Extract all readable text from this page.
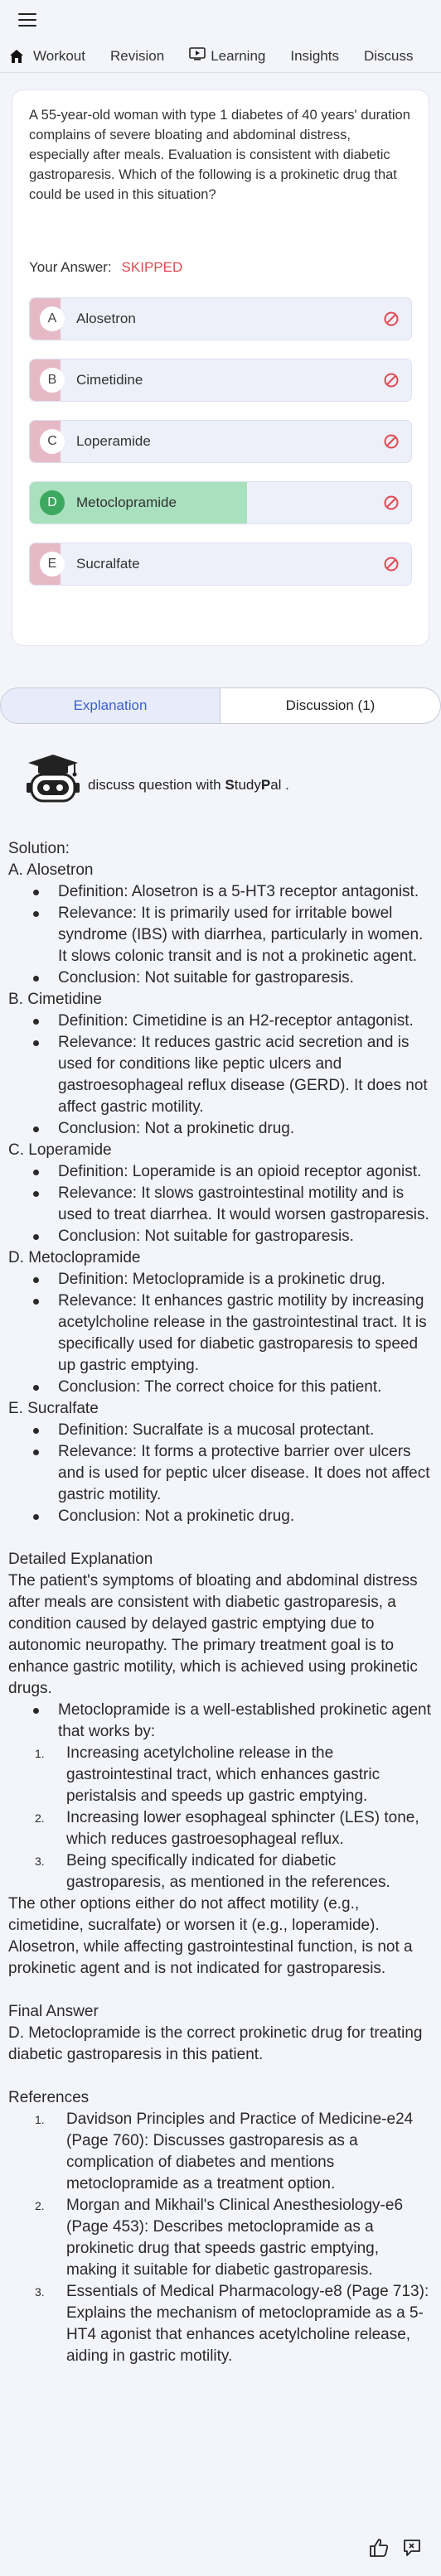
Workout Revision	Learning Insights Discuss

A 55-year-old woman with type 1 diabetes of 40 years' duration complains of severe bloating and abdominal distress, especially after meals. Evaluation is consistent with diabetic gastroparesis. Which of the following is a prokinetic drug that could be used in this situation?

Your Answer: SKIPPED
A	Alosetron
B	Cimetidine
C	Loperamide
D	Metoclopramide
E	Sucralfate
Explanation	Discussion (1)
discuss question with StudyPal .

Solution:

A. Alosetron

Definition: Alosetron is a 5-HT3 receptor antagonist.
Relevance: It is primarily used for irritable bowel syndrome (IBS) with diarrhea, particularly in women. It slows colonic transit and is not a prokinetic agent.
Conclusion: Not suitable for gastroparesis.

B. Cimetidine

Definition: Cimetidine is an H2-receptor antagonist.
Relevance: It reduces gastric acid secretion and is used for conditions like peptic ulcers and gastroesophageal reflux disease (GERD). It does not affect gastric motility.
Conclusion: Not a prokinetic drug.

C. Loperamide

Definition: Loperamide is an opioid receptor agonist.
Relevance: It slows gastrointestinal motility and is used to treat diarrhea. It would worsen gastroparesis.
Conclusion: Not suitable for gastroparesis.

D. Metoclopramide

Definition: Metoclopramide is a prokinetic drug.
Relevance: It enhances gastric motility by increasing acetylcholine release in the gastrointestinal tract. It is specifically used for diabetic gastroparesis to speed up gastric emptying.
Conclusion: The correct choice for this patient.

E. Sucralfate

Definition: Sucralfate is a mucosal protectant.
Relevance: It forms a protective barrier over ulcers and is used for peptic ulcer disease. It does not affect gastric motility.
Conclusion: Not a prokinetic drug.

Detailed Explanation

The patient's symptoms of bloating and abdominal distress after meals are consistent with diabetic gastroparesis, a condition caused by delayed gastric emptying due to autonomic neuropathy. The primary treatment goal is to enhance gastric motility, which is achieved using prokinetic drugs.

Metoclopramide is a well-established prokinetic agent that works by:
1. Increasing acetylcholine release in the gastrointestinal tract, which enhances gastric peristalsis and speeds up gastric emptying.
2. Increasing lower esophageal sphincter (LES) tone, which reduces gastroesophageal reflux.
3. Being specifically indicated for diabetic gastroparesis, as mentioned in the references.

The other options either do not affect motility (e.g., cimetidine, sucralfate) or worsen it (e.g., loperamide). Alosetron, while affecting gastrointestinal function, is not a prokinetic agent and is not indicated for gastroparesis.

Final Answer

D. Metoclopramide is the correct prokinetic drug for treating diabetic gastroparesis in this patient.

References

1. Davidson Principles and Practice of Medicine-e24 (Page 760): Discusses gastroparesis as a complication of diabetes and mentions metoclopramide as a treatment option.
2. Morgan and Mikhail's Clinical Anesthesiology-e6 (Page 453): Describes metoclopramide as a prokinetic drug that speeds gastric emptying, making it suitable for diabetic gastroparesis.
3. Essentials of Medical Pharmacology-e8 (Page 713): Explains the mechanism of metoclopramide as a 5-HT4 agonist that enhances acetylcholine release, aiding in gastric motility.
